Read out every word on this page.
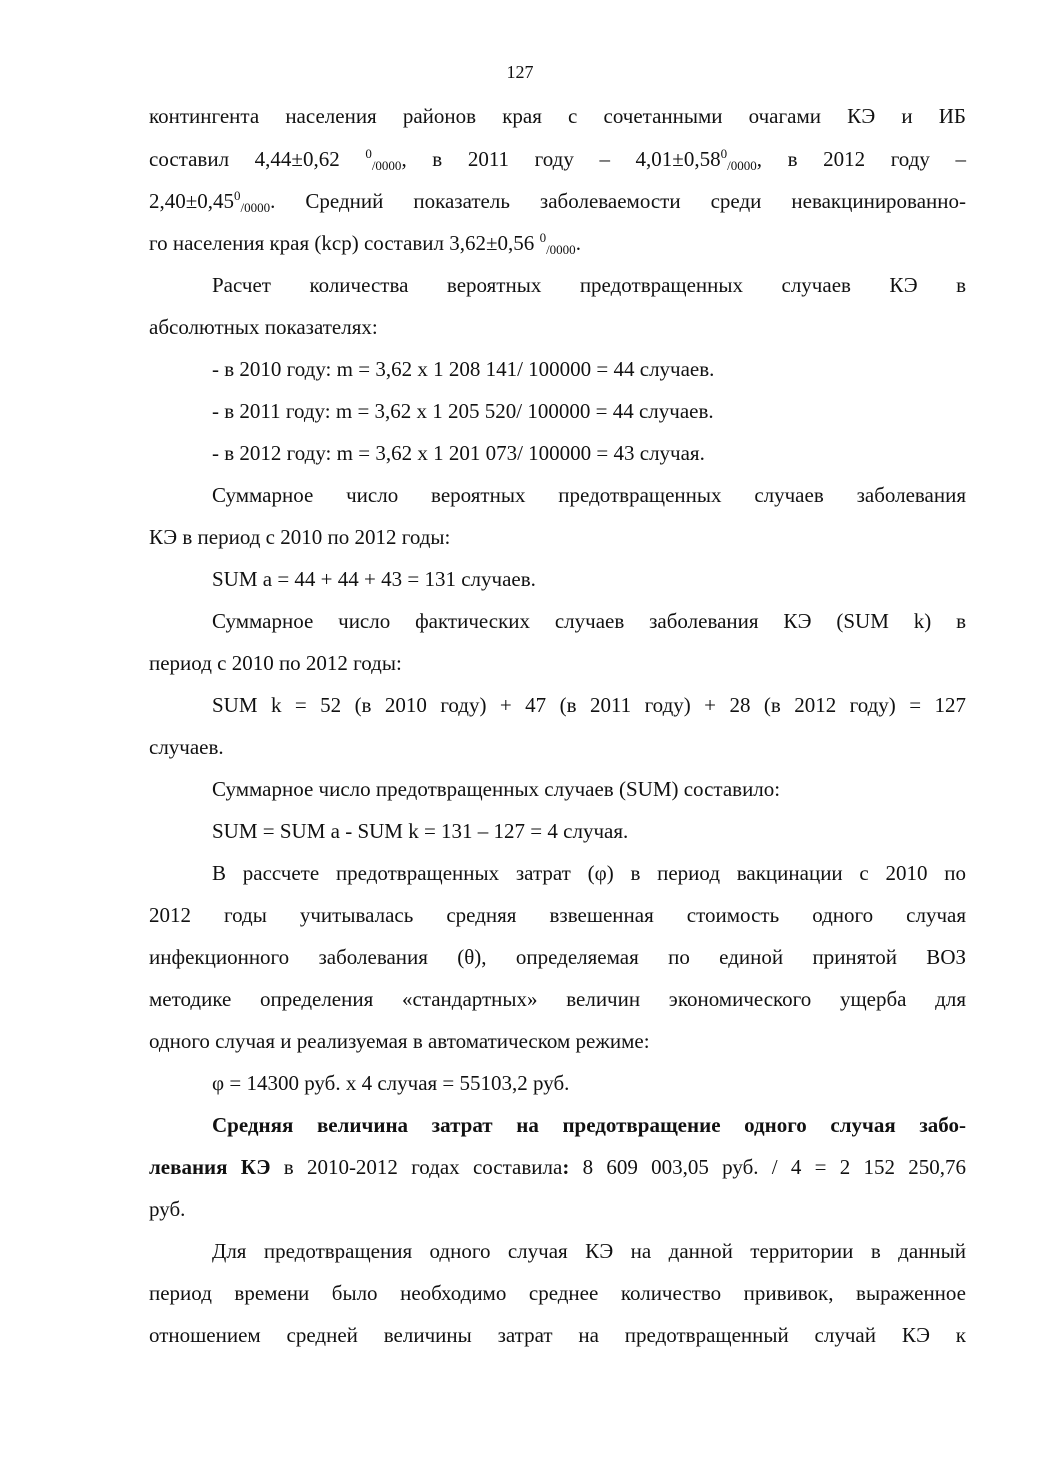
127
контингента населения районов края с сочетанными очагами КЭ и ИБ
составил 4,44±0,62 $^0_{/0000}$, в 2011 году – $4,01\pm 0,58^0_{/0000}$, в 2012 году –
$2,40\pm 0,45^0_{/0000}$. Средний показатель заболеваемости среди невакцинированно-
го населения края (kср) составил 3,62±0,56 $^0_{/0000}$.
Расчет количества вероятных предотвращенных случаев КЭ в
абсолютных показателях:
- в 2010 году: m = 3,62 х 1 208 141/ 100000 = 44 случаев.
- в 2011 году: m = 3,62 х 1 205 520/ 100000 = 44 случаев.
- в 2012 году: m = 3,62 х 1 201 073/ 100000 = 43 случая.
Суммарное число вероятных предотвращенных случаев заболевания
КЭ в период с 2010 по 2012 годы:
SUM а = 44 + 44 + 43 = 131 случаев.
Суммарное число фактических случаев заболевания КЭ (SUM k) в
период с 2010 по 2012 годы:
SUM k = 52 (в 2010 году) + 47 (в 2011 году) + 28 (в 2012 году) = 127
случаев.
Суммарное число предотвращенных случаев (SUM) составило:
SUM = SUM а - SUM k = 131 – 127 = 4 случая.
В рассчете предотвращенных затрат (φ) в период вакцинации с 2010 по
2012 годы учитывалась средняя взвешенная стоимость одного случая
инфекционного заболевания (θ), определяемая по единой принятой ВОЗ
методике определения «стандартных» величин экономического ущерба для
одного случая и реализуемая в автоматическом режиме:
φ = 14300 руб. х 4 случая = 55103,2 руб.
Средняя величина затрат на предотвращение одного случая забо-
левания КЭ в 2010-2012 годах составила: 8 609 003,05 руб. / 4 = 2 152 250,76
руб.
Для предотвращения одного случая КЭ на данной территории в данный
период времени было необходимо среднее количество прививок, выраженное
отношением средней величины затрат на предотвращенный случай КЭ к
